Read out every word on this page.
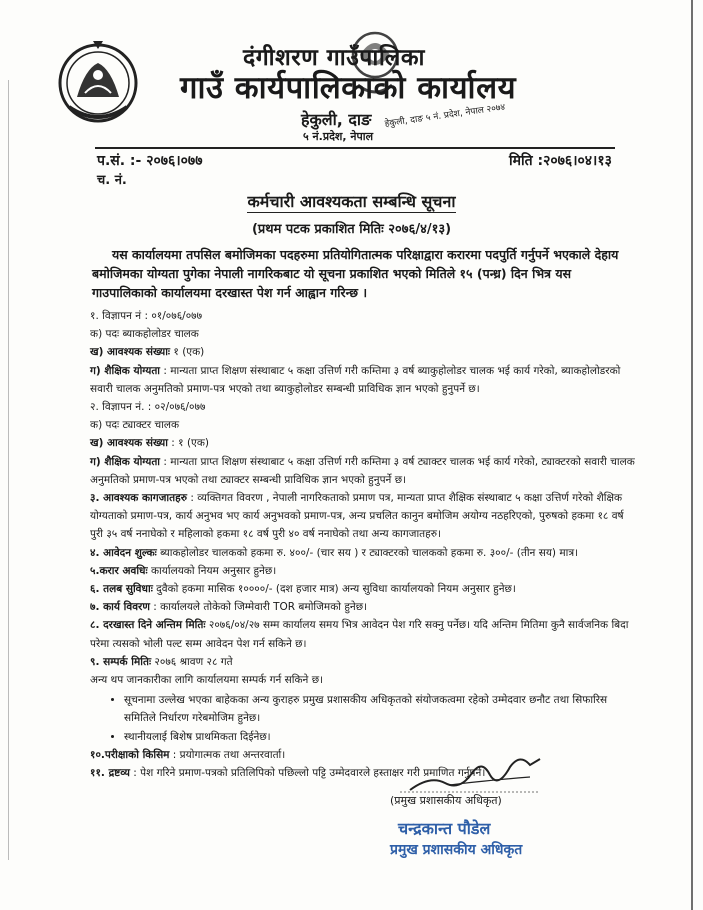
दंगीशरण गाउँपालिका
गाउँ कार्यपालिकाको कार्यालय
हेकुली, दाङ
५ नं.प्रदेश, नेपाल
हेकुली, दाङ ५ नं. प्रदेश, नेपाल २०७४
प.सं. :- २०७६।०७७	मिति :२०७६।०४।१३
च. नं.
कर्मचारी आवश्यकता सम्बन्धि सूचना
(प्रथम पटक प्रकाशित मितिः २०७६/४/१३)
यस कार्यालयमा तपसिल बमोजिमका पदहरुमा प्रतियोगितात्मक परिक्षाद्वारा करारमा पदपुर्ति गर्नुपर्ने भएकाले देहाय बमोजिमका योग्यता पुगेका नेपाली नागरिकबाट यो सूचना प्रकाशित भएको मितिले १५ (पन्ध्र) दिन भित्र यस गाउपालिकाको कार्यालयमा दरखास्त पेश गर्न आह्वान गरिन्छ ।

१. विज्ञापन नं : ०१/०७६/०७७

क) पदः ब्याकहोलोडर चालक

ख) आवश्यक संख्याः १ (एक)

ग) शैक्षिक योग्यता : मान्यता प्राप्त शिक्षण संस्थाबाट ५ कक्षा उत्तिर्ण गरी कम्तिमा ३ वर्ष ब्याकुहोलोडर चालक भई कार्य गरेको, ब्याकहोलोडरको सवारी चालक अनुमतिको प्रमाण-पत्र भएको तथा ब्याकुहोलोडर सम्बन्धी प्राविधिक ज्ञान भएको हुनुपर्ने छ।

२. विज्ञापन नं. : ०२/०७६/०७७

क) पदः ट्याक्टर चालक

ख) आवश्यक संख्या : १ (एक)

ग) शैक्षिक योग्यता : मान्यता प्राप्त शिक्षण संस्थाबाट ५ कक्षा उत्तिर्ण गरी कम्तिमा ३ वर्ष ट्याक्टर चालक भई कार्य गरेको, ट्याक्टरको सवारी चालक अनुमतिको प्रमाण-पत्र भएको तथा ट्याक्टर सम्बन्धी प्राविधिक ज्ञान भएको हुनुपर्ने छ।

३. आवश्यक कागजातहरु : व्यक्तिगत विवरण , नेपाली नागरिकताको प्रमाण पत्र, मान्यता प्राप्त शैक्षिक संस्थाबाट ५ कक्षा उत्तिर्ण गरेको शैक्षिक योग्यताको प्रमाण-पत्र, कार्य अनुभव भए कार्य अनुभवको प्रमाण-पत्र, अन्य प्रचलित कानुन बमोजिम अयोग्य नठहरिएको, पुरुषको हकमा १८ वर्ष पुरी ३५ वर्ष ननाघेको र महिलाको हकमा १८ वर्ष पुरी ४० वर्ष ननाघेको तथा अन्य कागजातहरु।

४. आवेदन शुल्कः ब्याकहोलोडर चालकको हकमा रु. ४००/- (चार सय ) र ट्याक्टरको चालकको हकमा रु. ३००/- (तीन सय) मात्र।

५.करार अवधिः कार्यालयको नियम अनुसार हुनेछ।

६. तलब सुविधाः दुवैको हकमा मासिक १००००/- (दश हजार मात्र) अन्य सुविधा कार्यालयको नियम अनुसार हुनेछ।

७. कार्य विवरण : कार्यालयले तोकेको जिम्मेवारी TOR बमोजिमको हुनेछ।

८. दरखास्त दिने अन्तिम मितिः २०७६/०४/२७ सम्म कार्यालय समय भित्र आवेदन पेश गरि सक्नु पर्नेछ। यदि अन्तिम मितिमा कुनै सार्वजनिक बिदा परेमा त्यसको भोली पल्ट सम्म आवेदन पेश गर्न सकिने छ।

९. सम्पर्क मितिः २०७६ श्रावण २८ गते

अन्य थप जानकारीका लागि कार्यालयमा सम्पर्क गर्न सकिने छ।

• सूचनामा उल्लेख भएका बाहेकका अन्य कुराहरु प्रमुख प्रशासकीय अधिकृतको संयोजकत्वमा रहेको उम्मेदवार छनौट तथा सिफारिस समितिले निर्धारण गरेबमोजिम हुनेछ।
• स्थानीयलाई बिशेष प्राथमिकता दिईनेछ।

१०.परीक्षाको किसिम : प्रयोगात्मक तथा अन्तरवार्ता।

११. द्रष्टव्य : पेश गरिने प्रमाण-पत्रको प्रतिलिपिको पछिल्लो पट्टि उम्मेदवारले हस्ताक्षर गरी प्रमाणित गर्नुपर्ने।

(प्रमुख प्रशासकीय अधिकृत)
चन्द्रकान्त पौडेल
प्रमुख प्रशासकीय अधिकृत
